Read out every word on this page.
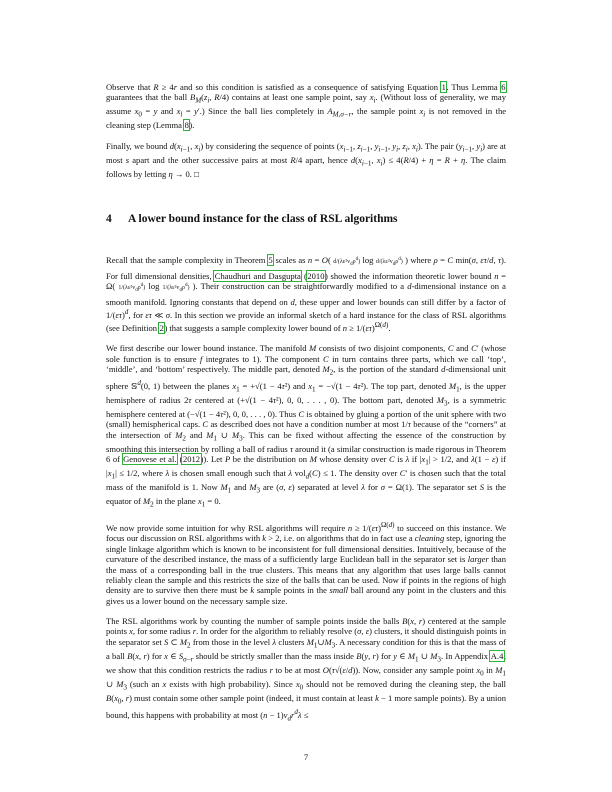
Observe that R ≥ 4r and so this condition is satisfied as a consequence of satisfying Equation 1. Thus Lemma 6 guarantees that the ball $B_M(z_i$, R/4) contains at least one sample point, say $x_i$. (Without loss of generality, we may assume $x_0 = y$ and $x_l = y'$.) Since the ball lies completely in $A_{M,\sigma-r}$, the sample point $x_i$ is not removed in the cleaning step (Lemma 8).

Finally, we bound $d(x_{i-1}$, $x_i$) by considering the sequence of points ($x_{i-1}$, $z_{i-1}$, $y_{i-1}$, $y_i$, $z_i$, $x_i$). The pair ($y_{i-1}$, $y_i$) are at most s apart and the other successive pairs at most R/4 apart, hence $d(x_{i-1}$, $x_i) \le 4(R/4) + \eta = R + \eta$. The claim follows by letting η → 0. □

4 A lower bound instance for the class of RSL algorithms

Recall that the sample complexity in Theorem 5 scales as n = O( $d/(\lambda\varepsilon^2v_d\rho^d)$ $\log d/(\lambda\varepsilon^2v_d\rho^d)$ ) where ρ = C min(σ, ετ/d, τ). For full dimensional densities, Chaudhuri and Dasgupta (2010) showed the information theoretic lower bound n = Ω( $1/(\lambda\varepsilon^2v_d\rho^d)$ $\log 1/(\lambda\varepsilon^2v_d\rho^d)$ ). Their construction can be straightforwardly modified to a d-dimensional instance on a smooth manifold. Ignoring constants that depend on d, these upper and lower bounds can still differ by a factor of $1/(\varepsilon\tau)^d$, for ετ ≪ σ. In this section we provide an informal sketch of a hard instance for the class of RSL algorithms (see Definition 2) that suggests a sample complexity lower bound of $n \ge 1/(\varepsilon\tau)^{\Omega(d)}$.

We first describe our lower bound instance. The manifold M consists of two disjoint components, C and C′ (whose sole function is to ensure f integrates to 1). The component C in turn contains three parts, which we call ‘top’, ‘middle’, and ‘bottom’ respectively. The middle part, denoted $M_2$, is the portion of the standard d-dimensional unit sphere 𝕊$^d$(0, 1) between the planes $x_1 = +√(1 - 4\tau^2)$ and $x_1 = -√(1 - 4\tau^2)$. The top part, denoted $M_1$, is the upper hemisphere of radius 2τ centered at (+√(1 − 4τ²), 0, 0, . . . , 0). The bottom part, denoted $M_3$, is a symmetric hemisphere centered at (−√(1 − 4τ²), 0, 0, . . . , 0). Thus C is obtained by gluing a portion of the unit sphere with two (small) hemispherical caps. C as described does not have a condition number at most 1/τ because of the “corners” at the intersection of $M_2$ and $M_1$ ∪ $M_3$. This can be fixed without affecting the essence of the construction by smoothing this intersection by rolling a ball of radius τ around it (a similar construction is made rigorous in Theorem 6 of Genovese et al. (2012)). Let P be the distribution on M whose density over C is λ if $|x_1| > 1/2$, and λ(1 − ε) if $|x_1| \le 1/2$, where λ is chosen small enough such that λ vol$_d$(C) ≤ 1. The density over C′ is chosen such that the total mass of the manifold is 1. Now $M_1$ and $M_3$ are (σ, ε) separated at level λ for σ = Ω(1). The separator set S is the equator of $M_2$ in the plane $x_1 = 0$.

We now provide some intuition for why RSL algorithms will require $n \ge 1/(\varepsilon\tau)^{\Omega(d)}$ to succeed on this instance. We focus our discussion on RSL algorithms with k > 2, i.e. on algorithms that do in fact use a cleaning step, ignoring the single linkage algorithm which is known to be inconsistent for full dimensional densities. Intuitively, because of the curvature of the described instance, the mass of a sufficiently large Euclidean ball in the separator set is larger than the mass of a corresponding ball in the true clusters. This means that any algorithm that uses large balls cannot reliably clean the sample and this restricts the size of the balls that can be used. Now if points in the regions of high density are to survive then there must be k sample points in the small ball around any point in the clusters and this gives us a lower bound on the necessary sample size.

The RSL algorithms work by counting the number of sample points inside the balls B(x, r) centered at the sample points x, for some radius r. In order for the algorithm to reliably resolve (σ, ε) clusters, it should distinguish points in the separator set S ⊂ $M_2$ from those in the level λ clusters $M_1\cup M_3$. A necessary condition for this is that the mass of a ball B(x, r) for x ∈ $S_{\sigma-r}$ should be strictly smaller than the mass inside B(y, r) for y ∈ $M_1$ ∪ $M_3$. In Appendix A.4, we show that this condition restricts the radius r to be at most O(τ√(ε/d)). Now, consider any sample point $x_0$ in $M_1$ ∪ $M_3$ (such an x exists with high probability). Since $x_0$ should not be removed during the cleaning step, the ball $B(x_0$, r) must contain some other sample point (indeed, it must contain at least k − 1 more sample points). By a union bound, this happens with probability at most $(n - 1)v_dr^d\lambda$ ≤

7
